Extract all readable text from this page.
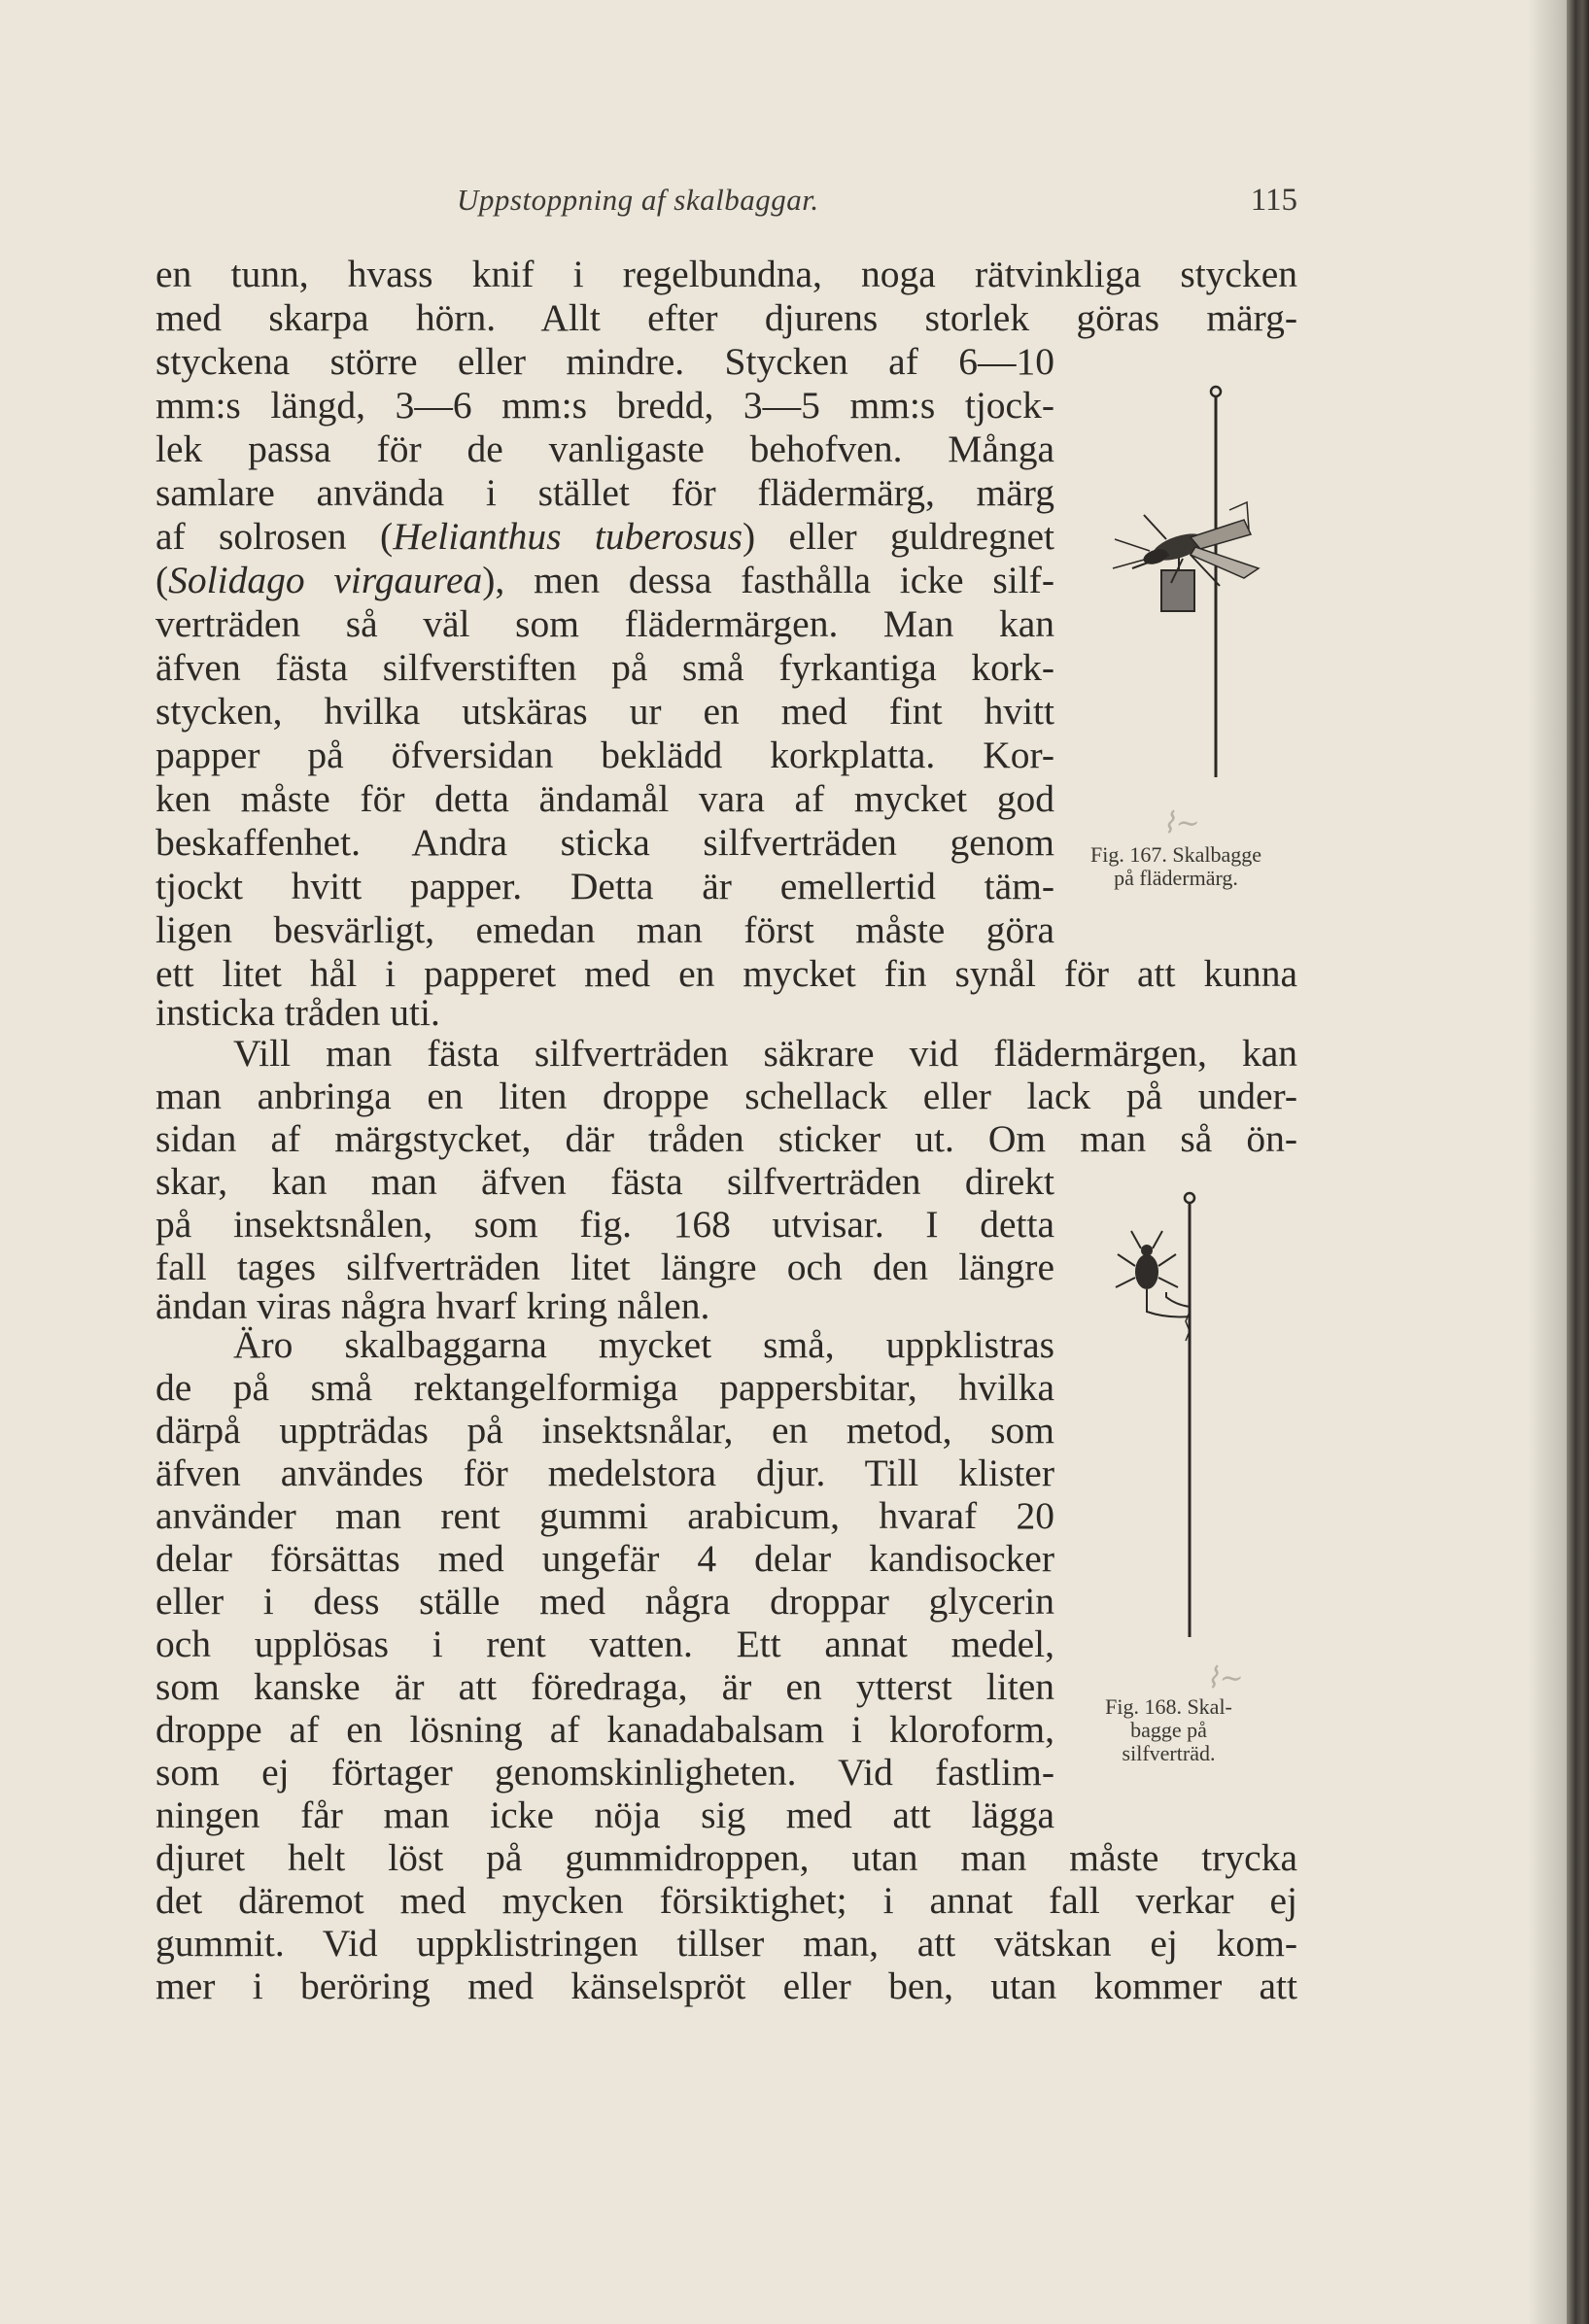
Uppstoppning af skalbaggar.	115
en tunn, hvass knif i regelbundna, noga rätvinkliga stycken
med skarpa hörn. Allt efter djurens storlek göras märg-
styckena större eller mindre. Stycken af 6—10
mm:s längd, 3—6 mm:s bredd, 3—5 mm:s tjock-
lek passa för de vanligaste behofven. Många
samlare använda i stället för flädermärg, märg
af solrosen (Helianthus tuberosus) eller guldregnet
(Solidago virgaurea), men dessa fasthålla icke silf-
verträden så väl som flädermärgen. Man kan
äfven fästa silfverstiften på små fyrkantiga kork-
stycken, hvilka utskäras ur en med fint hvitt
papper på öfversidan beklädd korkplatta. Kor-
ken måste för detta ändamål vara af mycket god
beskaffenhet. Andra sticka silfverträden genom
tjockt hvitt papper. Detta är emellertid täm-
ligen besvärligt, emedan man först måste göra
ett litet hål i papperet med en mycket fin synål för att kunna
insticka tråden uti.
Vill man fästa silfverträden säkrare vid flädermärgen, kan
man anbringa en liten droppe schellack eller lack på under-
sidan af märgstycket, där tråden sticker ut. Om man så ön-
skar, kan man äfven fästa silfverträden direkt
på insektsnålen, som fig. 168 utvisar. I detta
fall tages silfverträden litet längre och den längre
ändan viras några hvarf kring nålen.
Äro skalbaggarna mycket små, uppklistras
de på små rektangelformiga pappersbitar, hvilka
därpå uppträdas på insektsnålar, en metod, som
äfven användes för medelstora djur. Till klister
använder man rent gummi arabicum, hvaraf 20
delar försättas med ungefär 4 delar kandisocker
eller i dess ställe med några droppar glycerin
och upplösas i rent vatten. Ett annat medel,
som kanske är att föredraga, är en ytterst liten
droppe af en lösning af kanadabalsam i kloroform,
som ej förtager genomskinligheten. Vid fastlim-
ningen får man icke nöja sig med att lägga
djuret helt löst på gummidroppen, utan man måste trycka
det däremot med mycken försiktighet; i annat fall verkar ej
gummit. Vid uppklistringen tillser man, att vätskan ej kom-
mer i beröring med känselspröt eller ben, utan kommer att
Fig. 167. Skalbagge
på flädermärg.
Fig. 168. Skal-
bagge på
silfverträd.
⌇∼
⌇∼
